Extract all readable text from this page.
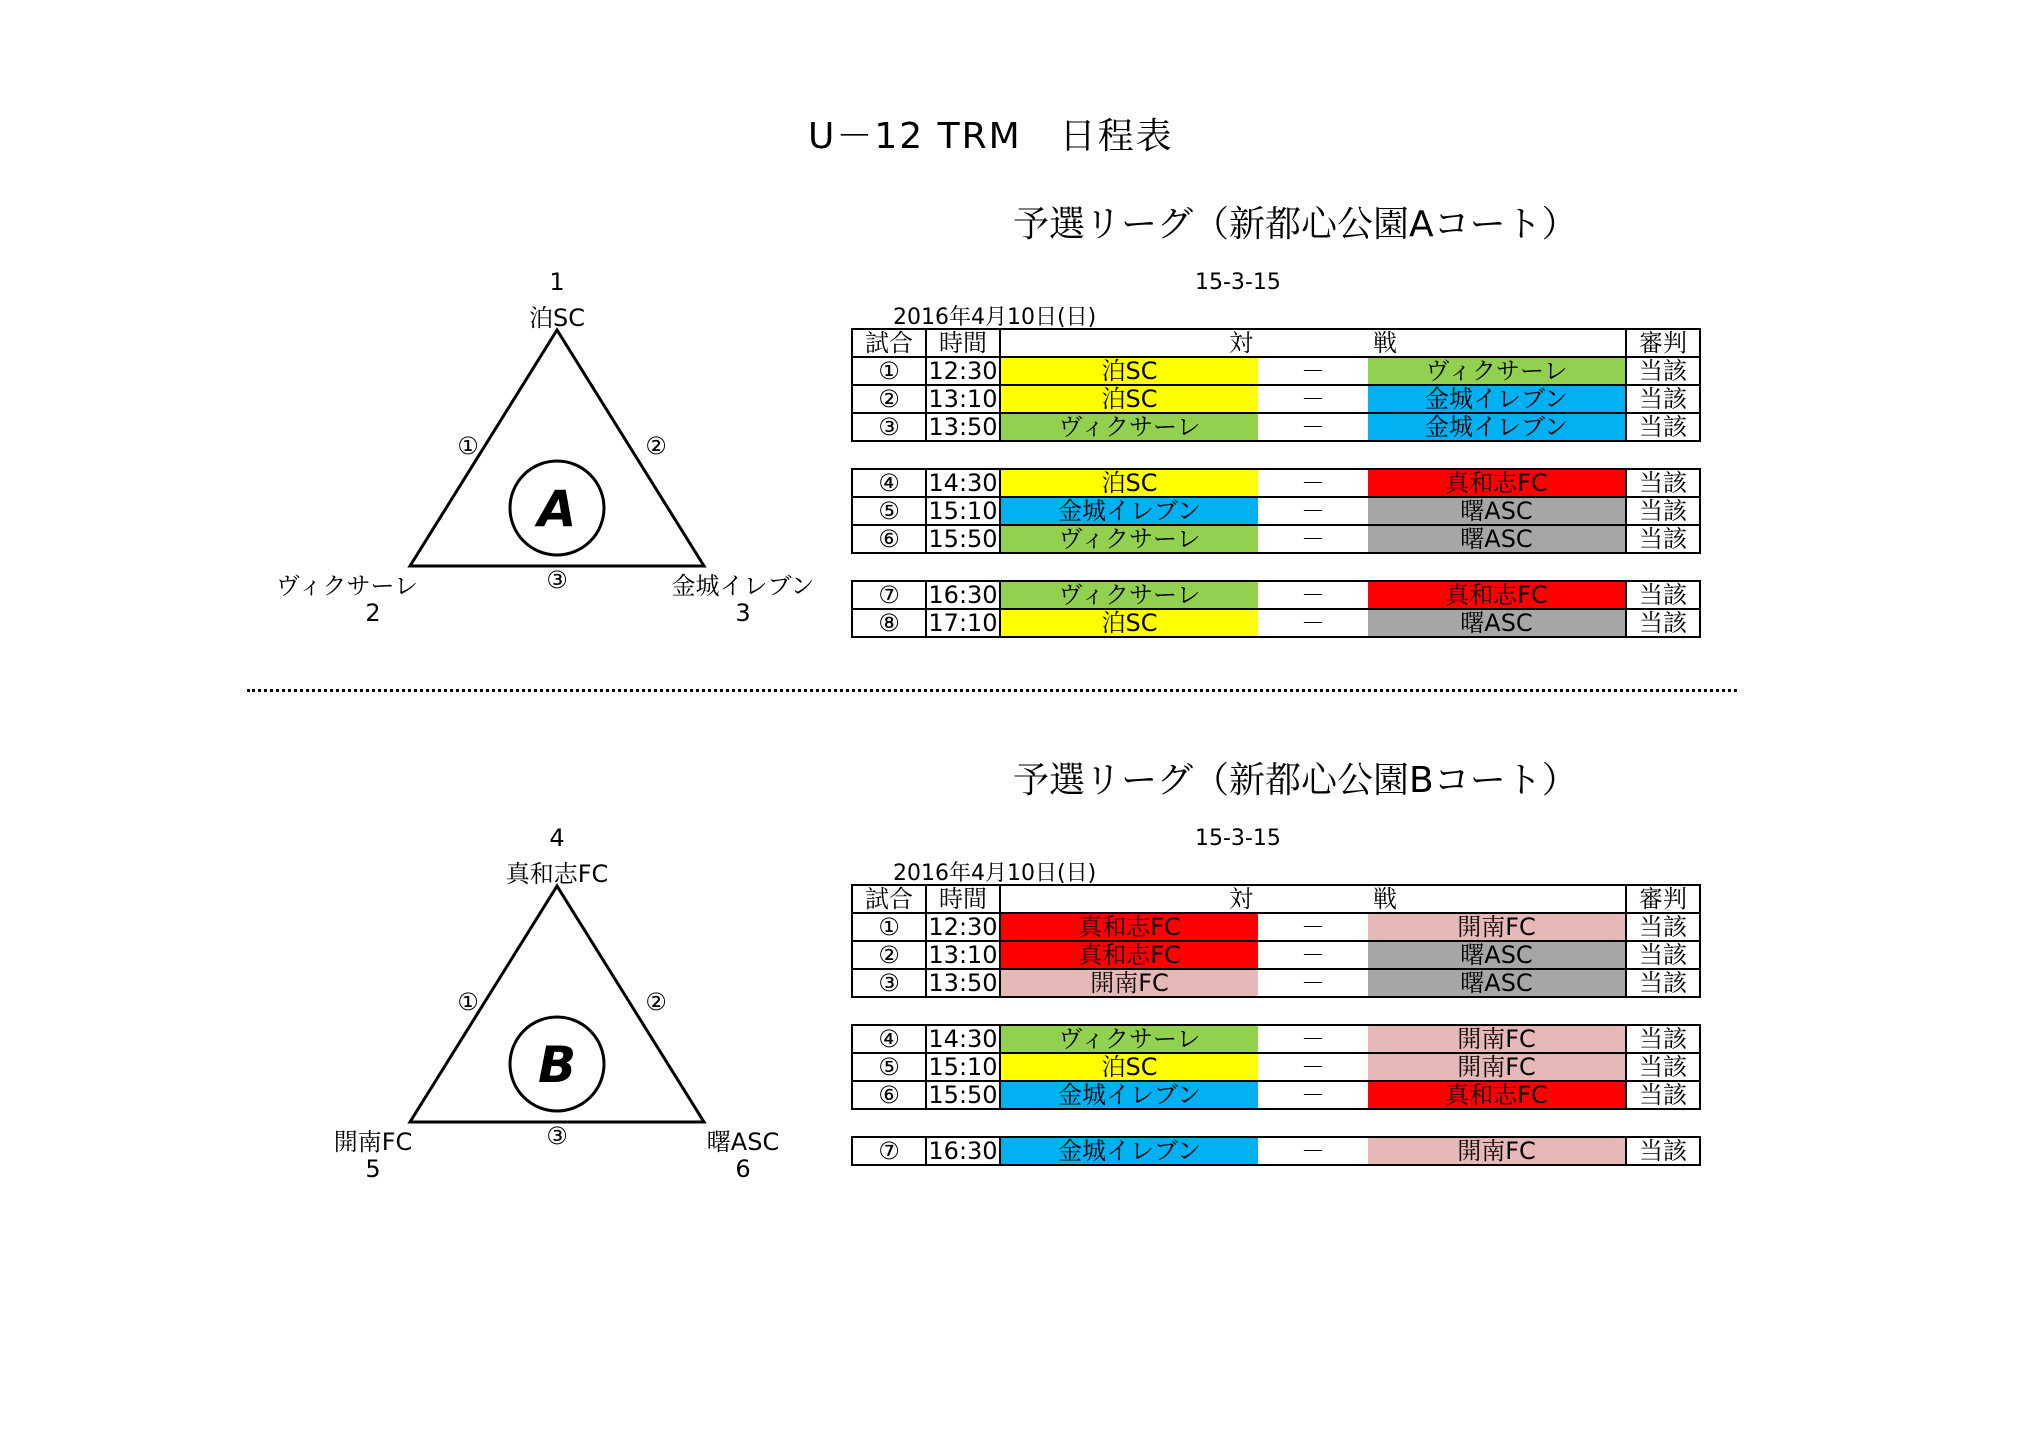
U－12 TRM　日程表
予選リーグ（新都心公園Aコート）
15-3-15
2016年4月10日(日)
1
泊SC
①	②
A
③
ヴィクサーレ	金城イレブン
2	3
試合	時間	対　　　　　戦			審判
①	12:30	泊SC	－	ヴィクサーレ	当該
②	13:10	泊SC	－	金城イレブン	当該
③	13:50	ヴィクサーレ	－	金城イレブン	当該

④	14:30	泊SC	－	真和志FC	当該
⑤	15:10	金城イレブン	－	曙ASC	当該
⑥	15:50	ヴィクサーレ	－	曙ASC	当該

⑦	16:30	ヴィクサーレ	－	真和志FC	当該
⑧	17:10	泊SC	－	曙ASC	当該
予選リーグ（新都心公園Bコート）
15-3-15
2016年4月10日(日)
4
真和志FC
①	②
B
③
開南FC	曙ASC
5	6
試合	時間	対　　　　　戦			審判
①	12:30	真和志FC	－	開南FC	当該
②	13:10	真和志FC	－	曙ASC	当該
③	13:50	開南FC	－	曙ASC	当該

④	14:30	ヴィクサーレ	－	開南FC	当該
⑤	15:10	泊SC	－	開南FC	当該
⑥	15:50	金城イレブン	－	真和志FC	当該

⑦	16:30	金城イレブン	－	開南FC	当該
